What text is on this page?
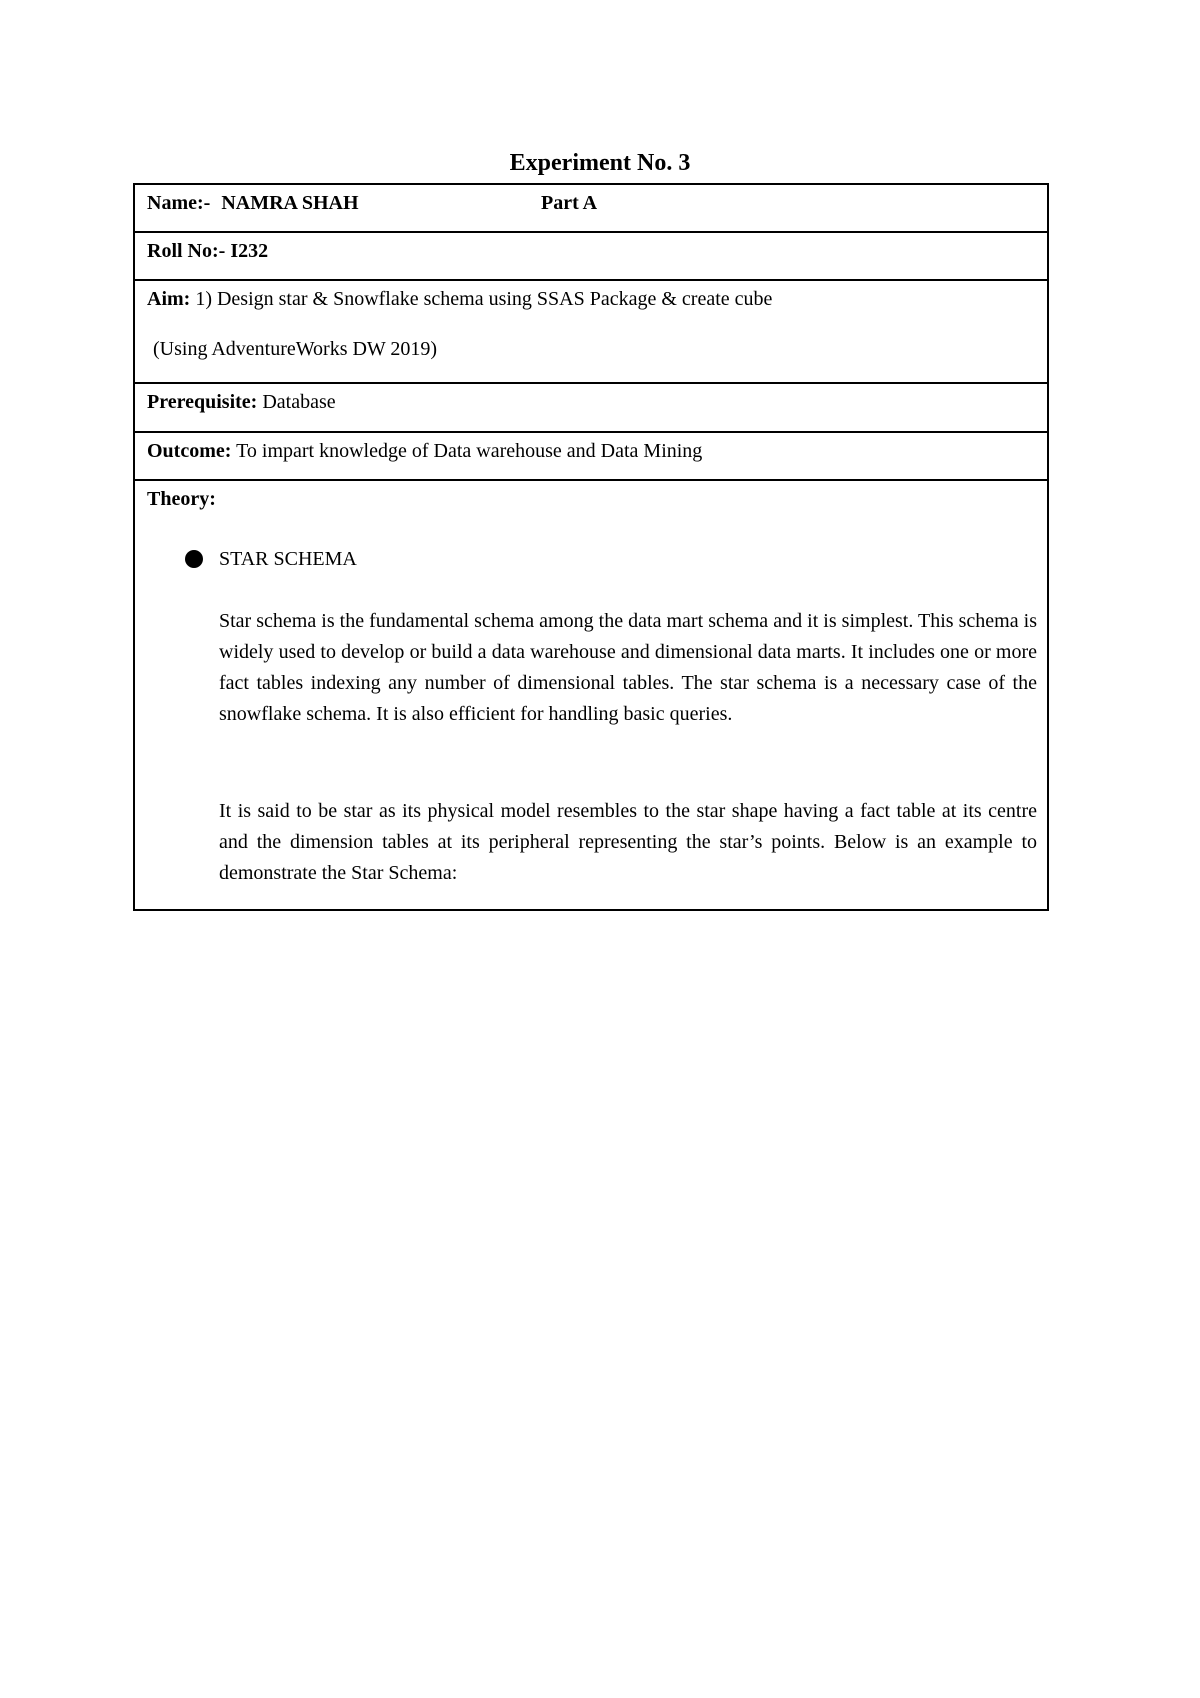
Experiment No. 3
Name:- NAMRA SHAH	Part A
Roll No:- I232
Aim: 1) Design star & Snowflake schema using SSAS Package & create cube
(Using AdventureWorks DW 2019)
Prerequisite: Database
Outcome: To impart knowledge of Data warehouse and Data Mining
Theory:
STAR SCHEMA
Star schema is the fundamental schema among the data mart schema and it is simplest. This schema is widely used to develop or build a data warehouse and dimensional data marts. It includes one or more fact tables indexing any number of dimensional tables. The star schema is a necessary case of the snowflake schema. It is also efficient for handling basic queries.
It is said to be star as its physical model resembles to the star shape having a fact table at its centre and the dimension tables at its peripheral representing the star’s points. Below is an example to demonstrate the Star Schema:
